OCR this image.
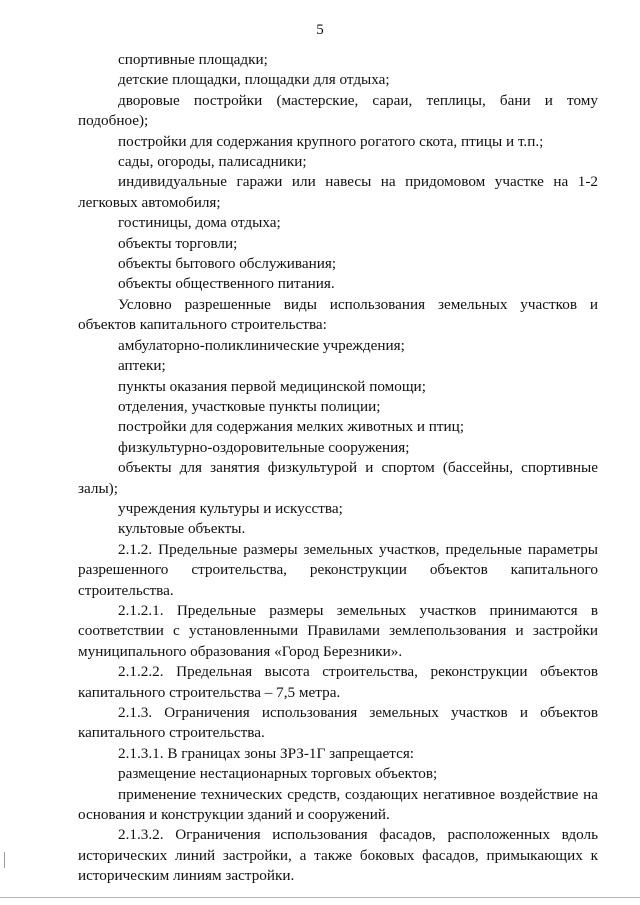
5

спортивные площадки;

детские площадки, площадки для отдыха;

дворовые постройки (мастерские, сараи, теплицы, бани и тому подобное);

постройки для содержания крупного рогатого скота, птицы и т.п.;

сады, огороды, палисадники;

индивидуальные гаражи или навесы на придомовом участке на 1-2 легковых автомобиля;

гостиницы, дома отдыха;

объекты торговли;

объекты бытового обслуживания;

объекты общественного питания.

Условно разрешенные виды использования земельных участков и объектов капитального строительства:

амбулаторно-поликлинические учреждения;

аптеки;

пункты оказания первой медицинской помощи;

отделения, участковые пункты полиции;

постройки для содержания мелких животных и птиц;

физкультурно-оздоровительные сооружения;

объекты для занятия физкультурой и спортом (бассейны, спортивные залы);

учреждения культуры и искусства;

культовые объекты.

2.1.2. Предельные размеры земельных участков, предельные параметры разрешенного строительства, реконструкции объектов капитального строительства.

2.1.2.1. Предельные размеры земельных участков принимаются в соответствии с установленными Правилами землепользования и застройки муниципального образования «Город Березники».

2.1.2.2. Предельная высота строительства, реконструкции объектов капитального строительства – 7,5 метра.

2.1.3. Ограничения использования земельных участков и объектов капитального строительства.

2.1.3.1. В границах зоны ЗРЗ-1Г запрещается:

размещение нестационарных торговых объектов;

применение технических средств, создающих негативное воздействие на основания и конструкции зданий и сооружений.

2.1.3.2. Ограничения использования фасадов, расположенных вдоль исторических линий застройки, а также боковых фасадов, примыкающих к историческим линиям застройки.
